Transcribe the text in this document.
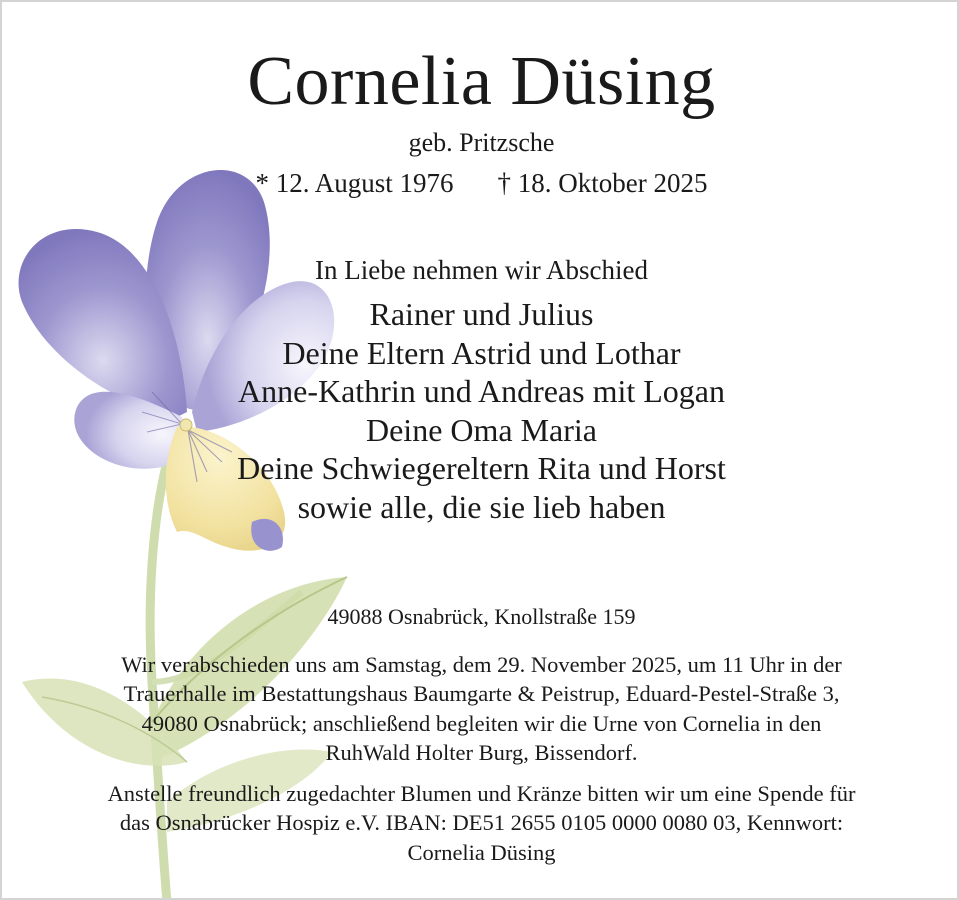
Cornelia Düsing
geb. Pritzsche
* 12. August 1976 † 18. Oktober 2025
In Liebe nehmen wir Abschied
Rainer und Julius
Deine Eltern Astrid und Lothar
Anne-Kathrin und Andreas mit Logan
Deine Oma Maria
Deine Schwiegereltern Rita und Horst
sowie alle, die sie lieb haben
49088 Osnabrück, Knollstraße 159
Wir verabschieden uns am Samstag, dem 29. November 2025, um 11 Uhr in der
Trauerhalle im Bestattungshaus Baumgarte & Peistrup, Eduard-Pestel-Straße 3,
49080 Osnabrück; anschließend begleiten wir die Urne von Cornelia in den
RuhWald Holter Burg, Bissendorf.
Anstelle freundlich zugedachter Blumen und Kränze bitten wir um eine Spende für
das Osnabrücker Hospiz e.V. IBAN: DE51 2655 0105 0000 0080 03, Kennwort:
Cornelia Düsing
